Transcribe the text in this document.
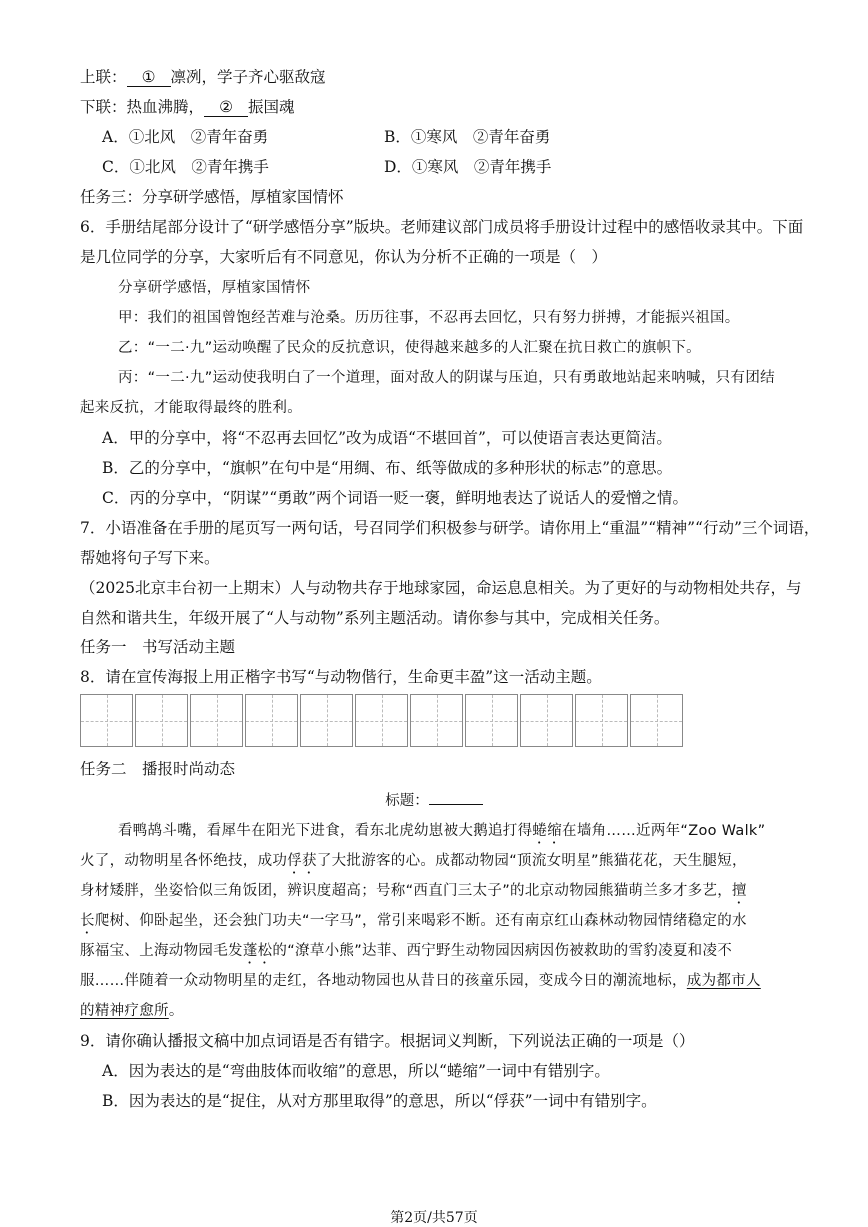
上联： ① 凛冽，学子齐心驱敌寇
下联：热血沸腾， ② 振国魂
A．①北风　②青年奋勇	B．①寒风　②青年奋勇
C．①北风　②青年携手	D．①寒风　②青年携手
任务三：分享研学感悟，厚植家国情怀
6．手册结尾部分设计了“研学感悟分享”版块。老师建议部门成员将手册设计过程中的感悟收录其中。下面
是几位同学的分享，大家听后有不同意见，你认为分析不正确的一项是（　）
分享研学感悟，厚植家国情怀
甲：我们的祖国曾饱经苦难与沧桑。历历往事，不忍再去回忆，只有努力拼搏，才能振兴祖国。
乙：“一二·九”运动唤醒了民众的反抗意识，使得越来越多的人汇聚在抗日救亡的旗帜下。
丙：“一二·九”运动使我明白了一个道理，面对敌人的阴谋与压迫，只有勇敢地站起来呐喊，只有团结
起来反抗，才能取得最终的胜利。
A．甲的分享中，将“不忍再去回忆”改为成语“不堪回首”，可以使语言表达更简洁。
B．乙的分享中，“旗帜”在句中是“用绸、布、纸等做成的多种形状的标志”的意思。
C．丙的分享中，“阴谋”“勇敢”两个词语一贬一褒，鲜明地表达了说话人的爱憎之情。
7．小语准备在手册的尾页写一两句话，号召同学们积极参与研学。请你用上“重温”“精神”“行动”三个词语，
帮她将句子写下来。
（2025北京丰台初一上期末）人与动物共存于地球家园，命运息息相关。为了更好的与动物相处共存，与
自然和谐共生，年级开展了“人与动物”系列主题活动。请你参与其中，完成相关任务。
任务一　书写活动主题
8．请在宣传海报上用正楷字书写“与动物偕行，生命更丰盈”这一活动主题。
任务二　播报时尚动态
标题：
看鸭鸪斗嘴，看犀牛在阳光下进食，看东北虎幼崽被大鹅追打得蜷缩在墙角……近两年“Zoo Walk”
火了，动物明星各怀绝技，成功俘获了大批游客的心。成都动物园“顶流女明星”熊猫花花，天生腿短，
身材矮胖，坐姿恰似三角饭团，辨识度超高；号称“西直门三太子”的北京动物园熊猫萌兰多才多艺，擅
长爬树、仰卧起坐，还会独门功夫“一字马”，常引来喝彩不断。还有南京红山森林动物园情绪稳定的水
豚福宝、上海动物园毛发蓬松的“潦草小熊”达菲、西宁野生动物园因病因伤被救助的雪豹凌夏和凌不
服……伴随着一众动物明星的走红，各地动物园也从昔日的孩童乐园，变成今日的潮流地标，成为都市人
的精神疗愈所。
9．请你确认播报文稿中加点词语是否有错字。根据词义判断，下列说法正确的一项是（）
A．因为表达的是“弯曲肢体而收缩”的意思，所以“蜷缩”一词中有错别字。
B．因为表达的是“捉住，从对方那里取得”的意思，所以“俘获”一词中有错别字。
第2页/共57页
